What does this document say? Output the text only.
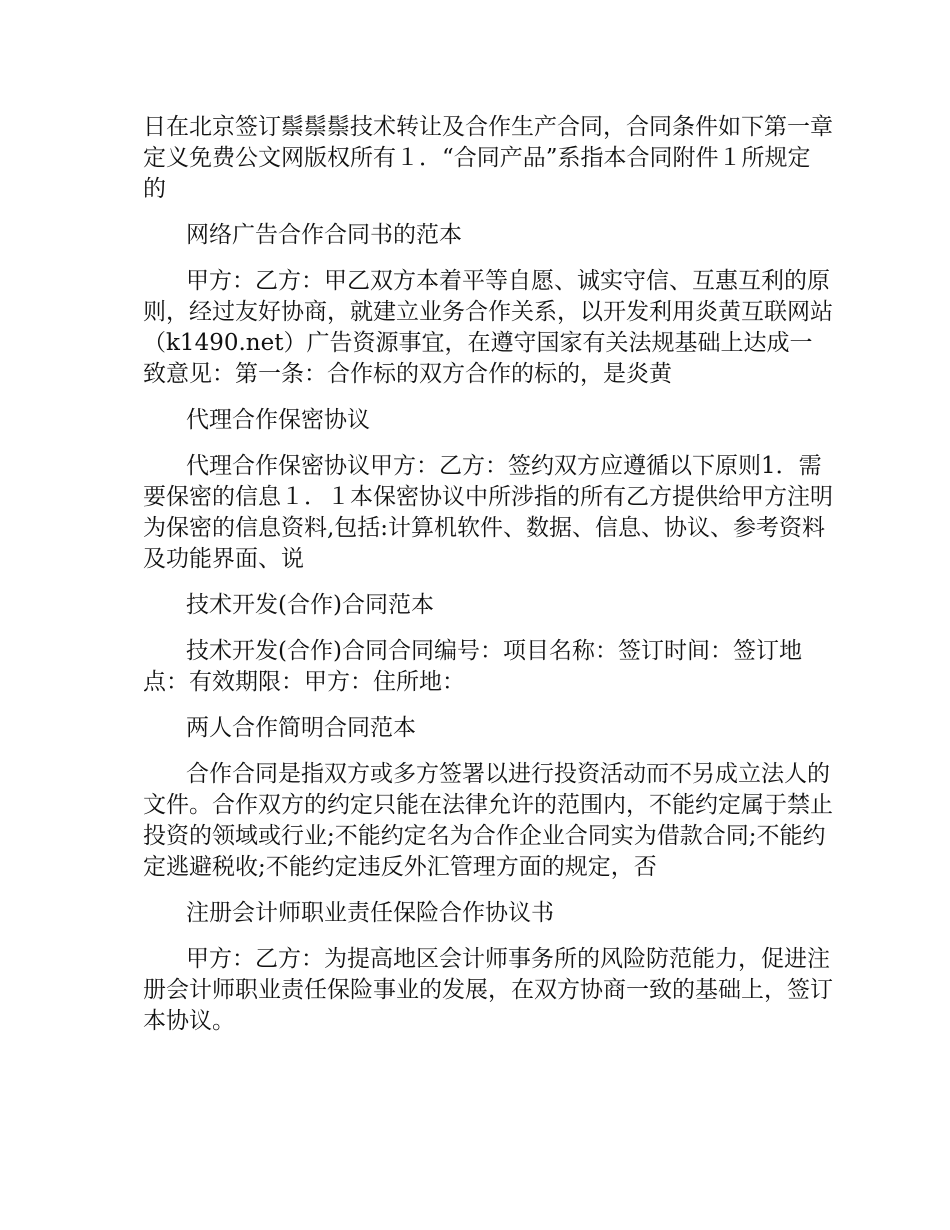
日在北京签订鬃鬃鬃技术转让及合作生产合同，合同条件如下第一章定义免费公文网版权所有１．“合同产品”系指本合同附件１所规定的

网络广告合作合同书的范本

甲方：乙方：甲乙双方本着平等自愿、诚实守信、互惠互利的原则，经过友好协商，就建立业务合作关系，以开发利用炎黄互联网站（k1490.net）广告资源事宜，在遵守国家有关法规基础上达成一致意见：第一条：合作标的双方合作的标的，是炎黄

代理合作保密协议

代理合作保密协议甲方：乙方：签约双方应遵循以下原则1．需要保密的信息１．１本保密协议中所涉指的所有乙方提供给甲方注明为保密的信息资料,包括:计算机软件、数据、信息、协议、参考资料及功能界面、说

技术开发(合作)合同范本

技术开发(合作)合同合同编号：项目名称：签订时间：签订地点：有效期限：甲方：住所地：

两人合作简明合同范本

合作合同是指双方或多方签署以进行投资活动而不另成立法人的文件。合作双方的约定只能在法律允许的范围内，不能约定属于禁止投资的领域或行业;不能约定名为合作企业合同实为借款合同;不能约定逃避税收;不能约定违反外汇管理方面的规定，否

注册会计师职业责任保险合作协议书

甲方：乙方：为提高地区会计师事务所的风险防范能力，促进注册会计师职业责任保险事业的发展，在双方协商一致的基础上，签订本协议。
